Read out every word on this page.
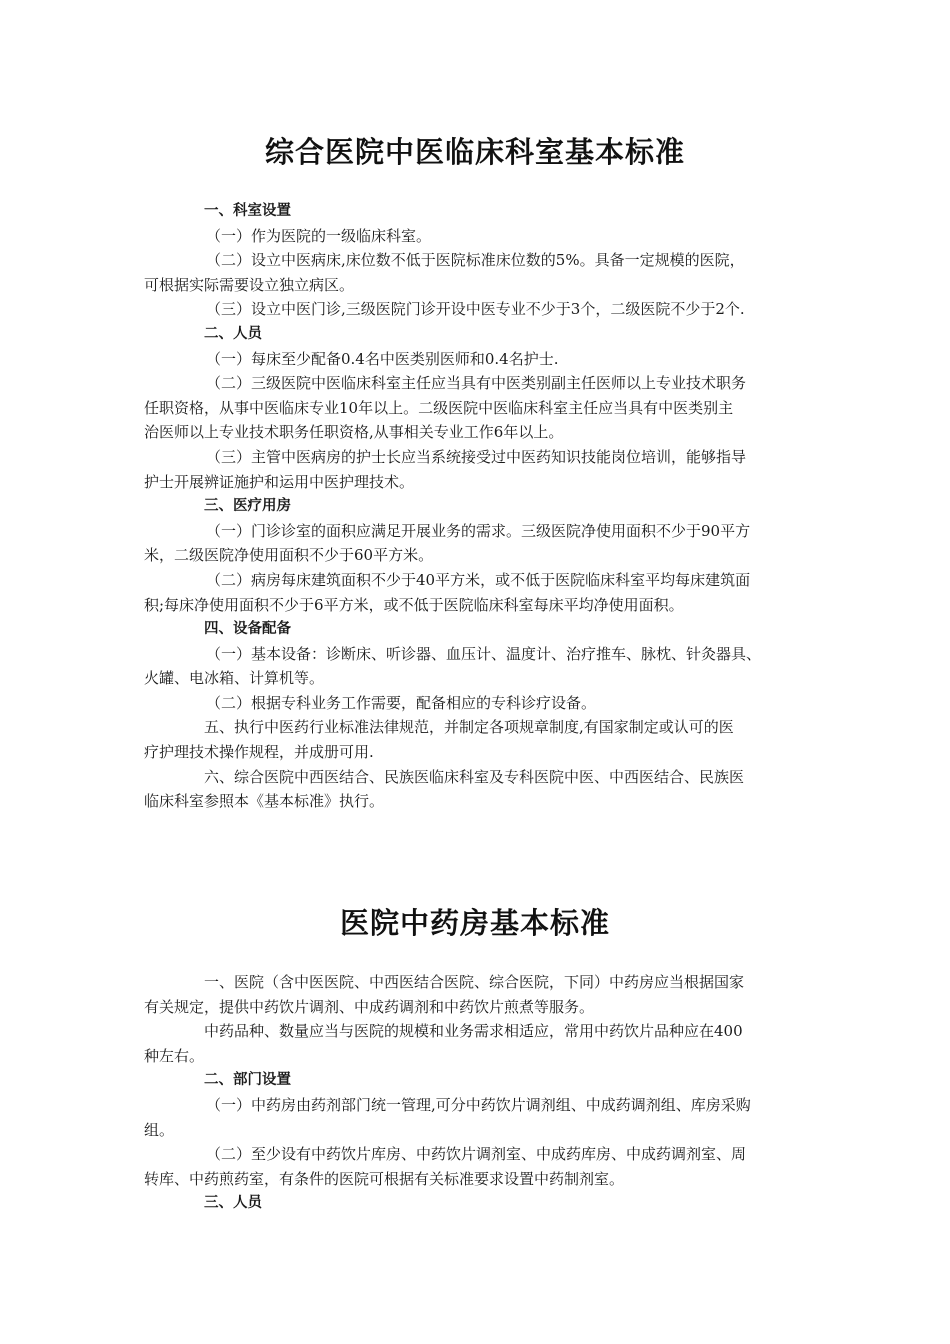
综合医院中医临床科室基本标准
一、科室设置
（一）作为医院的一级临床科室。
（二）设立中医病床,床位数不低于医院标准床位数的5%。具备一定规模的医院，
可根据实际需要设立独立病区。
（三）设立中医门诊,三级医院门诊开设中医专业不少于3个，二级医院不少于2个.
二、人员
（一）每床至少配备0.4名中医类别医师和0.4名护士.
（二）三级医院中医临床科室主任应当具有中医类别副主任医师以上专业技术职务
任职资格，从事中医临床专业10年以上。二级医院中医临床科室主任应当具有中医类别主
治医师以上专业技术职务任职资格,从事相关专业工作6年以上。
（三）主管中医病房的护士长应当系统接受过中医药知识技能岗位培训，能够指导
护士开展辨证施护和运用中医护理技术。
三、医疗用房
（一）门诊诊室的面积应满足开展业务的需求。三级医院净使用面积不少于90平方
米，二级医院净使用面积不少于60平方米。
（二）病房每床建筑面积不少于40平方米，或不低于医院临床科室平均每床建筑面
积;每床净使用面积不少于6平方米，或不低于医院临床科室每床平均净使用面积。
四、设备配备
（一）基本设备：诊断床、听诊器、血压计、温度计、治疗推车、脉枕、针灸器具、
火罐、电冰箱、计算机等。
（二）根据专科业务工作需要，配备相应的专科诊疗设备。
五、执行中医药行业标准法律规范，并制定各项规章制度,有国家制定或认可的医
疗护理技术操作规程，并成册可用.
六、综合医院中西医结合、民族医临床科室及专科医院中医、中西医结合、民族医
临床科室参照本《基本标准》执行。
医院中药房基本标准
一、医院（含中医医院、中西医结合医院、综合医院，下同）中药房应当根据国家
有关规定，提供中药饮片调剂、中成药调剂和中药饮片煎煮等服务。
中药品种、数量应当与医院的规模和业务需求相适应，常用中药饮片品种应在400
种左右。
二、部门设置
（一）中药房由药剂部门统一管理,可分中药饮片调剂组、中成药调剂组、库房采购
组。
（二）至少设有中药饮片库房、中药饮片调剂室、中成药库房、中成药调剂室、周
转库、中药煎药室，有条件的医院可根据有关标准要求设置中药制剂室。
三、人员
